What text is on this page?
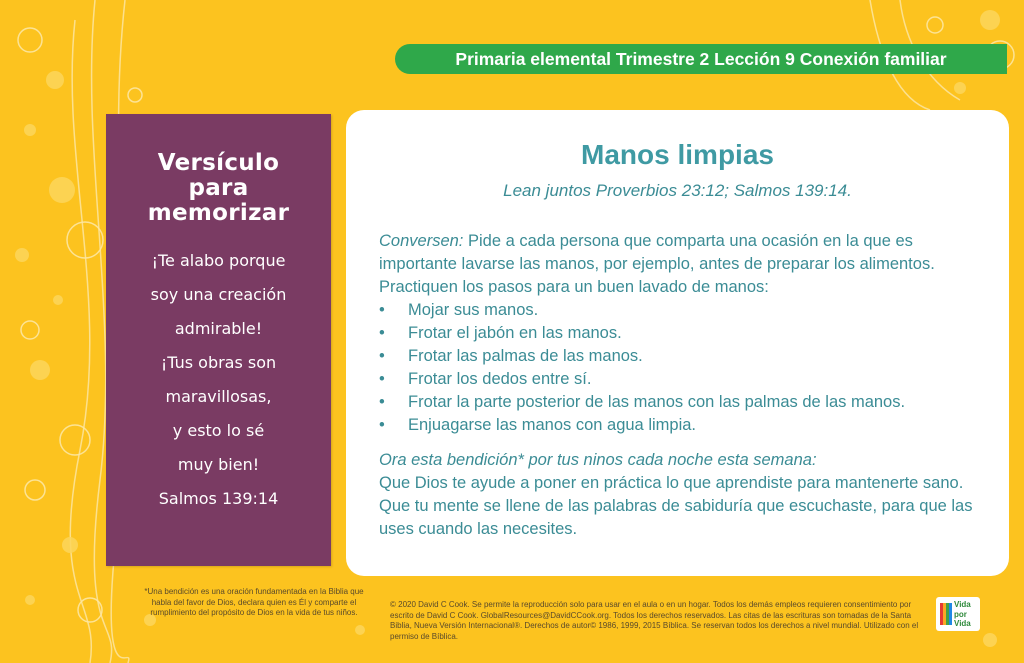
Primaria elemental Trimestre 2 Lección 9 Conexión familiar
Versículo
para
memorizar
¡Te alabo porque
soy una creación
admirable!
¡Tus obras son
maravillosas,
y esto lo sé
muy bien!
Salmos 139:14
Manos limpias
Lean juntos Proverbios 23:12; Salmos 139:14.
Conversen: Pide a cada persona que comparta una ocasión en la que es importante lavarse las manos, por ejemplo, antes de preparar los alimentos. Practiquen los pasos para un buen lavado de manos:
• Mojar sus manos.
• Frotar el jabón en las manos.
• Frotar las palmas de las manos.
• Frotar los dedos entre sí.
• Frotar la parte posterior de las manos con las palmas de las manos.
• Enjuagarse las manos con agua limpia.
Ora esta bendición* por tus ninos cada noche esta semana:
Que Dios te ayude a poner en práctica lo que aprendiste para mantenerte sano. Que tu mente se llene de las palabras de sabiduría que escuchaste, para que las uses cuando las necesites.
*Una bendición es una oración fundamentada en la Biblia que habla del favor de Dios, declara quien es Él y comparte el rumplimiento del propósito de Dios en la vida de tus niños.
© 2020 David C Cook. Se permite la reproducción solo para usar en el aula o en un hogar. Todos los demás empleos requieren consentimiento por escrito de David C Cook. GlobalResources@DavidCCook.org. Todos los derechos reservados. Las citas de las escrituras son tomadas de la Santa Biblia, Nueva Versión Internacional®. Derechos de autor© 1986, 1999, 2015 Bíblica. Se reservan todos los derechos a nivel mundial. Utilizado con el permiso de Bíblica.
Vida
por
Vida
